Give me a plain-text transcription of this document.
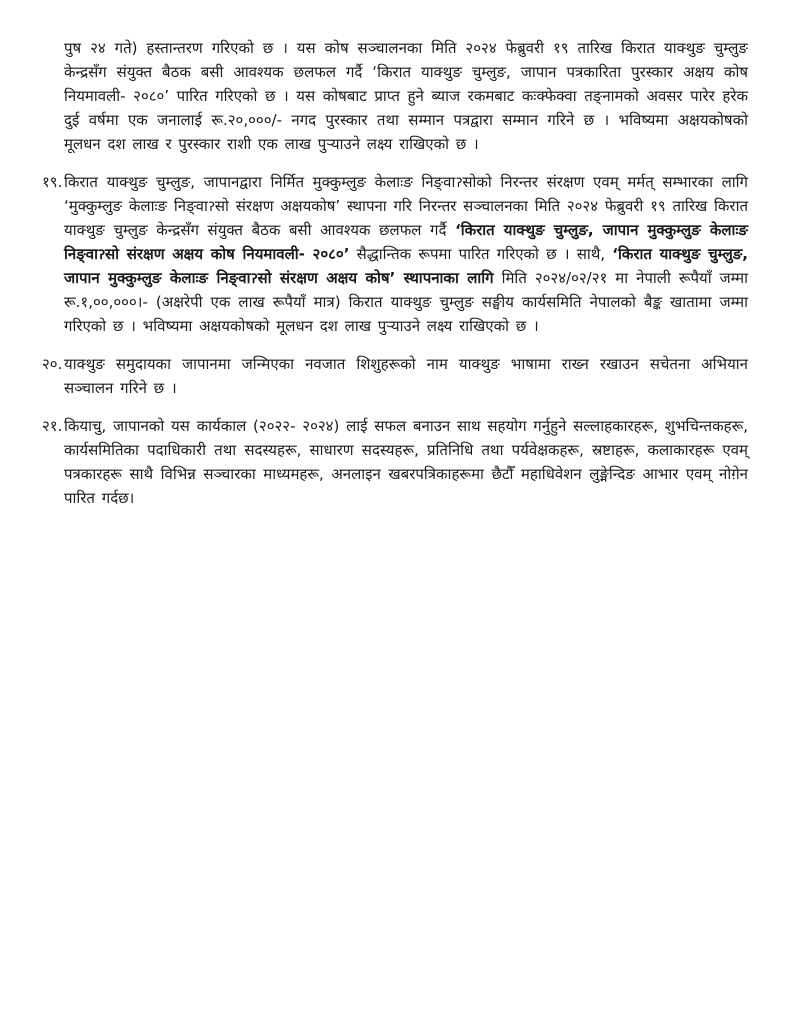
पुष २४ गते) हस्तान्तरण गरिएको छ । यस कोष सञ्चालनका मिति २०२४ फेब्रुवरी १९ तारिख किरात याक्थुङ चुम्लुङ केन्द्रसँग संयुक्त बैठक बसी आवश्यक छलफल गर्दै ‘किरात याक्थुङ चुम्लुङ, जापान पत्रकारिता पुरस्कार अक्षय कोष नियमावली- २०८०’ पारित गरिएको छ । यस कोषबाट प्राप्त हुने ब्याज रकमबाट कःक्फेक्वा तङ्नामको अवसर पारेर हरेक दुई वर्षमा एक जनालाई रू.२०,०००/- नगद पुरस्कार तथा सम्मान पत्रद्वारा सम्मान गरिने छ । भविष्यमा अक्षयकोषको मूलधन दश लाख र पुरस्कार राशी एक लाख पुऱ्याउने लक्ष्य राखिएको छ ।

१९. किरात याक्थुङ चुम्लुङ, जापानद्वारा निर्मित मुक्कुम्लुङ केलाःङ निङ्वाॽसोको निरन्तर संरक्षण एवम् मर्मत् सम्भारका लागि ‘मुक्कुम्लुङ केलाःङ निङ्वाॽसो संरक्षण अक्षयकोष’ स्थापना गरि निरन्तर सञ्चालनका मिति २०२४ फेब्रुवरी १९ तारिख किरात याक्थुङ चुम्लुङ केन्द्रसँग संयुक्त बैठक बसी आवश्यक छलफल गर्दै ‘किरात याक्थुङ चुम्लुङ, जापान मुक्कुम्लुङ केलाःङ निङ्वाॽसो संरक्षण अक्षय कोष नियमावली- २०८०’ सैद्धान्तिक रूपमा पारित गरिएको छ । साथै, ‘किरात याक्थुङ चुम्लुङ, जापान मुक्कुम्लुङ केलाःङ निङ्वाॽसो संरक्षण अक्षय कोष’ स्थापनाका लागि मिति २०२४/०२/२१ मा नेपाली रूपैयाँ जम्मा रू.१,००,०००।- (अक्षरेपी एक लाख रूपैयाँ मात्र) किरात याक्थुङ चुम्लुङ सङ्घीय कार्यसमिति नेपालको बैङ्क खातामा जम्मा गरिएको छ । भविष्यमा अक्षयकोषको मूलधन दश लाख पुऱ्याउने लक्ष्य राखिएको छ ।

२०. याक्थुङ समुदायका जापानमा जन्मिएका नवजात शिशुहरूको नाम याक्थुङ भाषामा राख्न रखाउन सचेतना अभियान सञ्चालन गरिने छ ।

२१. कियाचु, जापानको यस कार्यकाल (२०२२- २०२४) लाई सफल बनाउन साथ सहयोग गर्नुहुने सल्लाहकारहरू, शुभचिन्तकहरू, कार्यसमितिका पदाधिकारी तथा सदस्यहरू, साधारण सदस्यहरू, प्रतिनिधि तथा पर्यवेक्षकहरू, स्रष्टाहरू, कलाकारहरू एवम् पत्रकारहरू साथै विभिन्न सञ्चारका माध्यमहरू, अनलाइन खबरपत्रिकाहरूमा छैटौँ महाधिवेशन लुङ्मेन्दिङ आभार एवम् नोग़ेन पारित गर्दछ।
